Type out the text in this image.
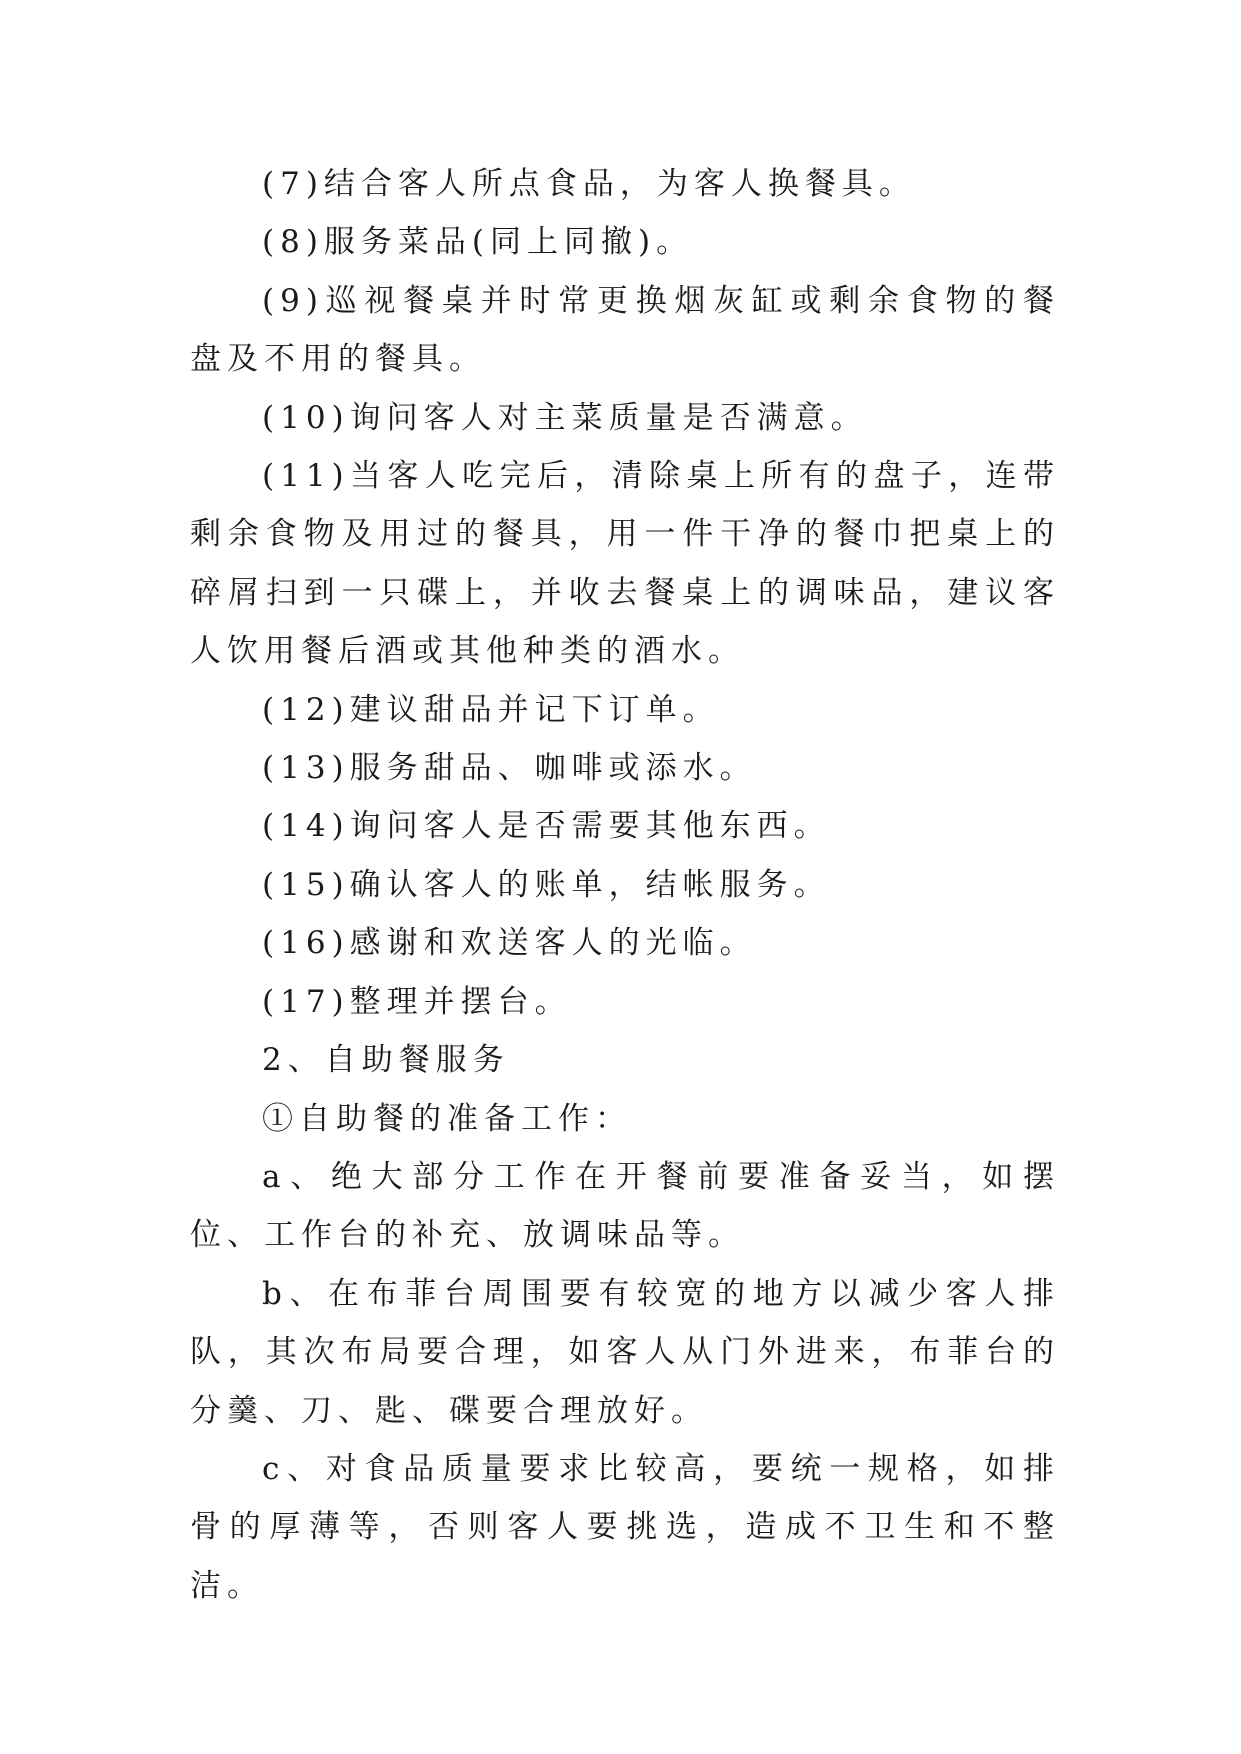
(7)结合客人所点食品，为客人换餐具。

(8)服务菜品(同上同撤)。

(9)巡视餐桌并时常更换烟灰缸或剩余食物的餐盘及不用的餐具。

(10)询问客人对主菜质量是否满意。

(11)当客人吃完后，清除桌上所有的盘子，连带剩余食物及用过的餐具，用一件干净的餐巾把桌上的碎屑扫到一只碟上，并收去餐桌上的调味品，建议客人饮用餐后酒或其他种类的酒水。

(12)建议甜品并记下订单。

(13)服务甜品、咖啡或添水。

(14)询问客人是否需要其他东西。

(15)确认客人的账单，结帐服务。

(16)感谢和欢送客人的光临。

(17)整理并摆台。

2、自助餐服务

①自助餐的准备工作：

a、绝大部分工作在开餐前要准备妥当，如摆位、工作台的补充、放调味品等。

b、在布菲台周围要有较宽的地方以减少客人排队，其次布局要合理，如客人从门外进来，布菲台的分羹、刀、匙、碟要合理放好。

c、对食品质量要求比较高，要统一规格，如排骨的厚薄等，否则客人要挑选，造成不卫生和不整洁。
